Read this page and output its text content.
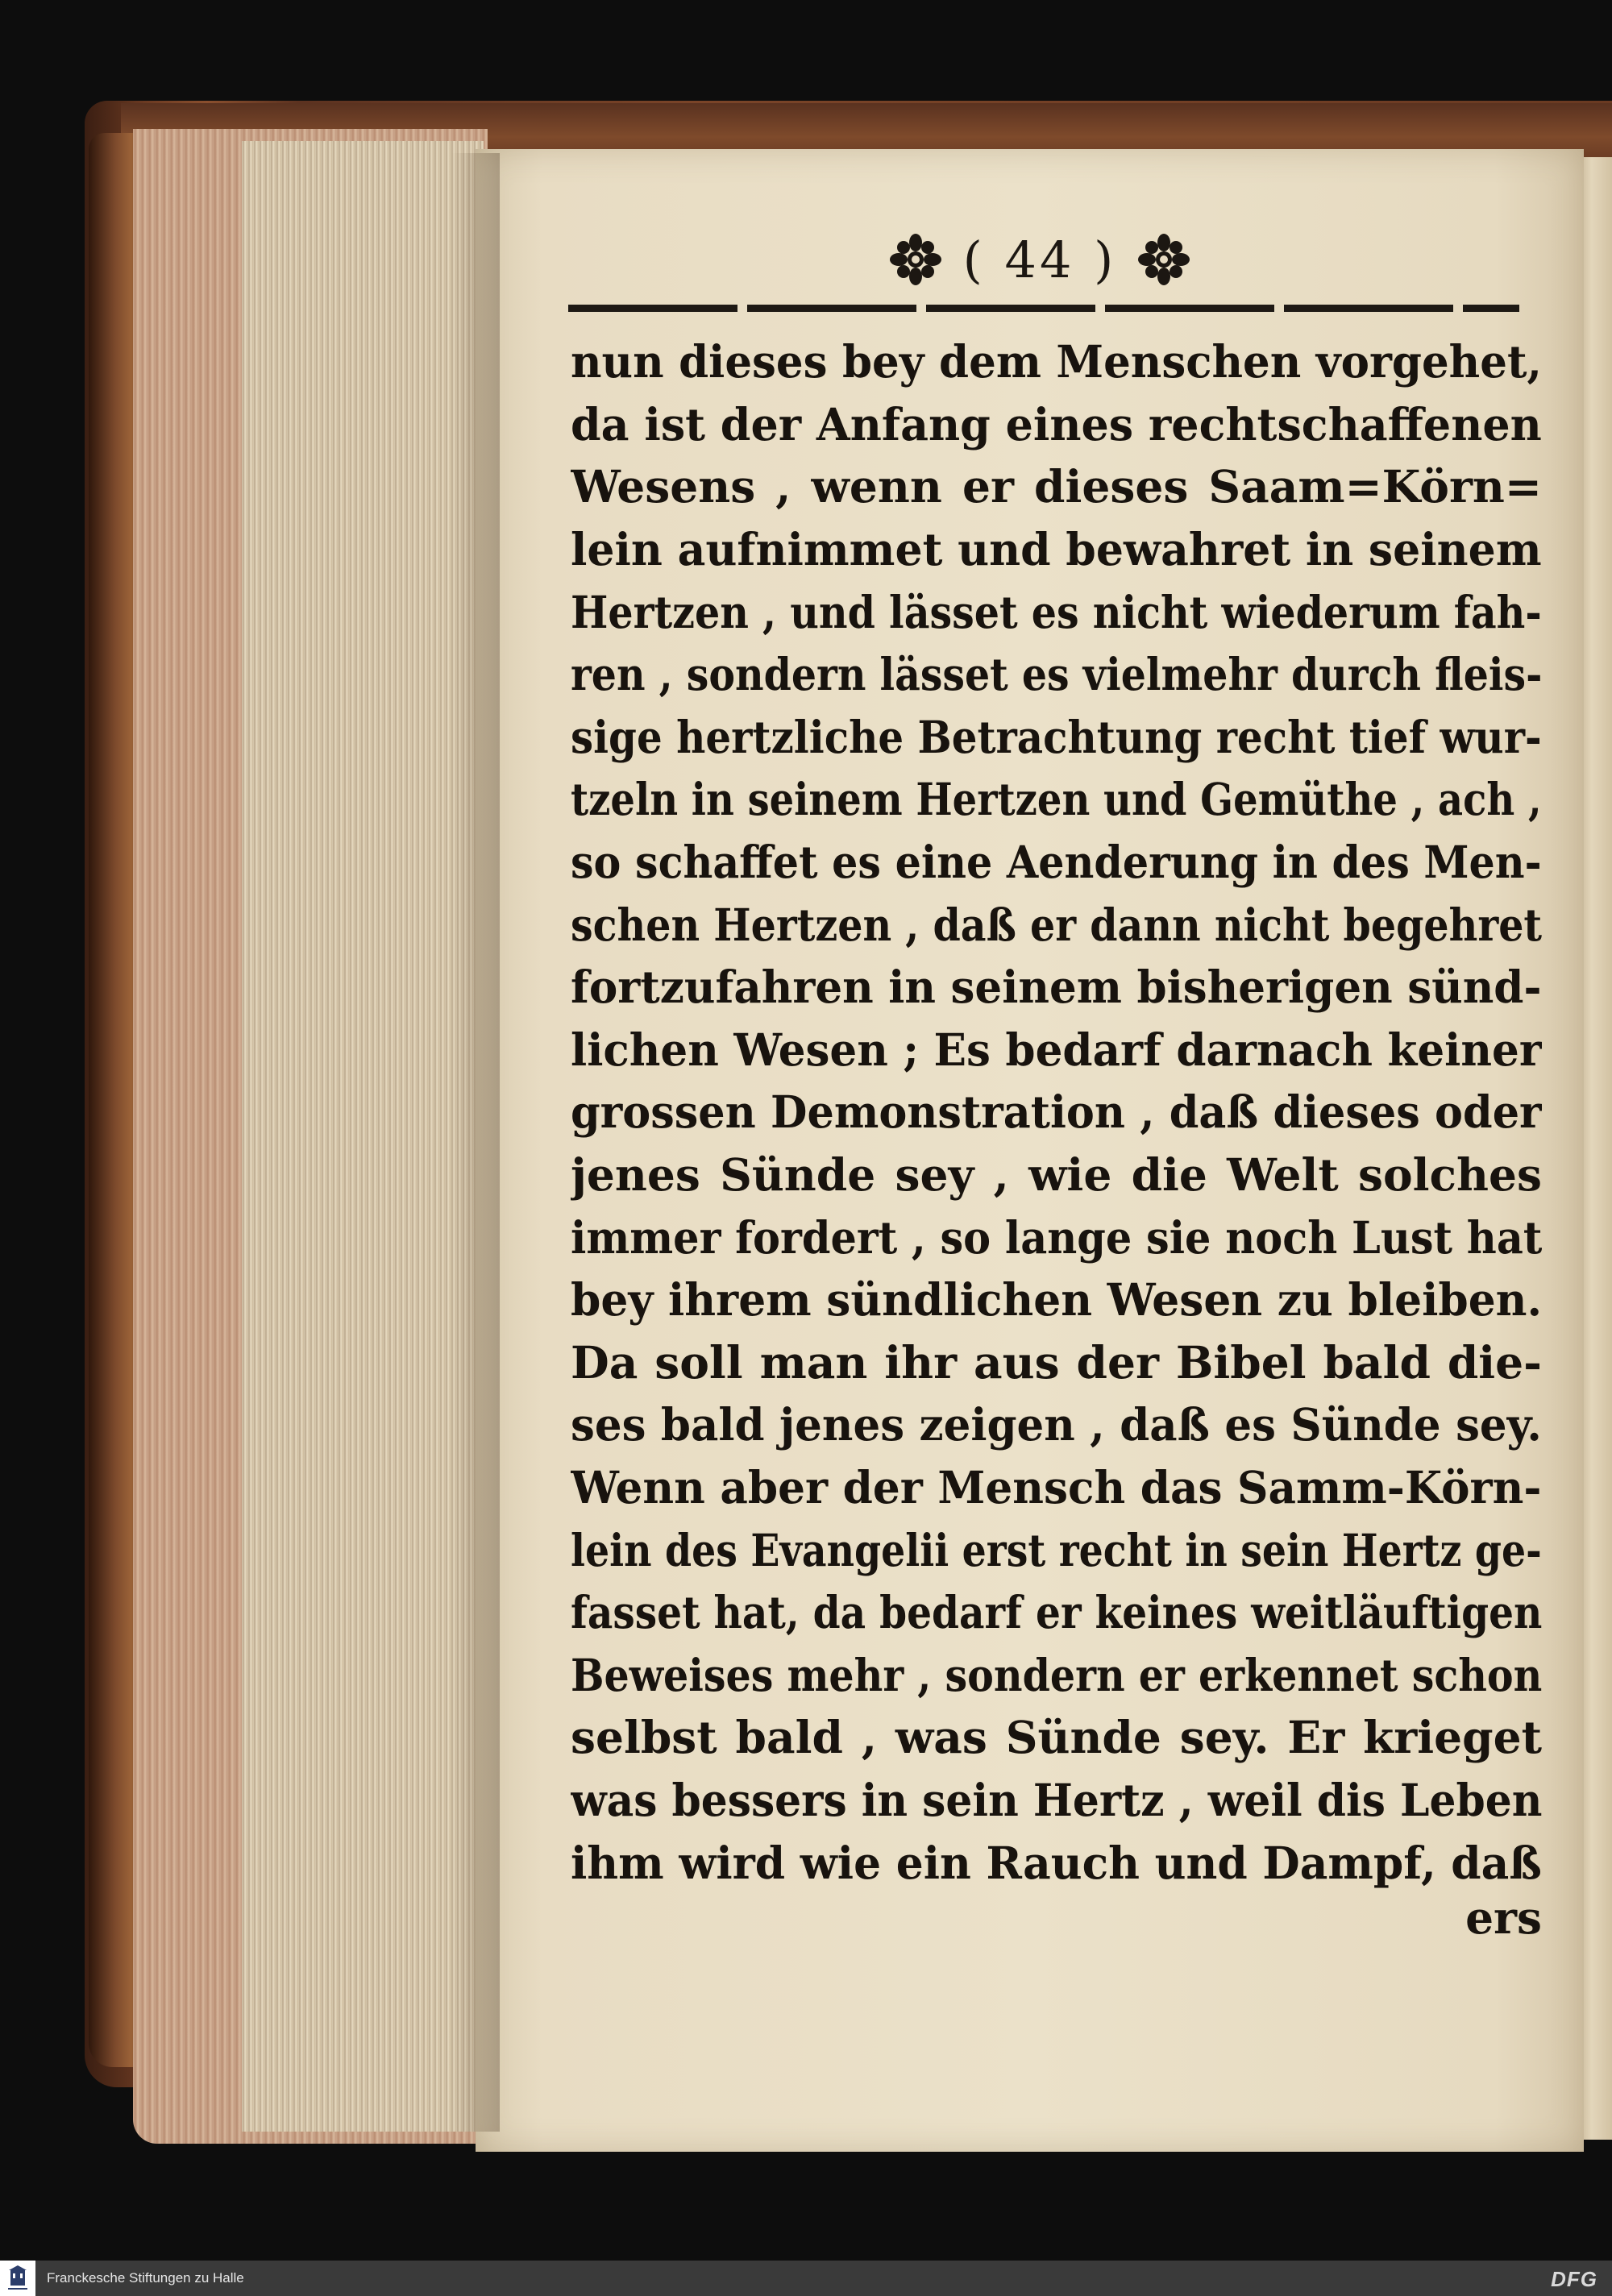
( 44 )
nun dieses bey dem Menschen vorgehet,
da ist der Anfang eines rechtschaffenen
Wesens , wenn er dieses Saam=Körn=
lein aufnimmet und bewahret in seinem
Hertzen , und lässet es nicht wiederum fah-
ren , sondern lässet es vielmehr durch fleis-
sige hertzliche Betrachtung recht tief wur-
tzeln in seinem Hertzen und Gemüthe , ach ,
so schaffet es eine Aenderung in des Men-
schen Hertzen , daß er dann nicht begehret
fortzufahren in seinem bisherigen sünd-
lichen Wesen ; Es bedarf darnach keiner
grossen Demonstration , daß dieses oder
jenes Sünde sey , wie die Welt solches
immer fordert , so lange sie noch Lust hat
bey ihrem sündlichen Wesen zu bleiben.
Da soll man ihr aus der Bibel bald die-
ses bald jenes zeigen , daß es Sünde sey.
Wenn aber der Mensch das Samm-Körn-
lein des Evangelii erst recht in sein Hertz ge-
fasset hat, da bedarf er keines weitläuftigen
Beweises mehr , sondern er erkennet schon
selbst bald , was Sünde sey. Er krieget
was bessers in sein Hertz , weil dis Leben
ihm wird wie ein Rauch und Dampf, daß
ers
Franckesche Stiftungen zu Halle	DFG
